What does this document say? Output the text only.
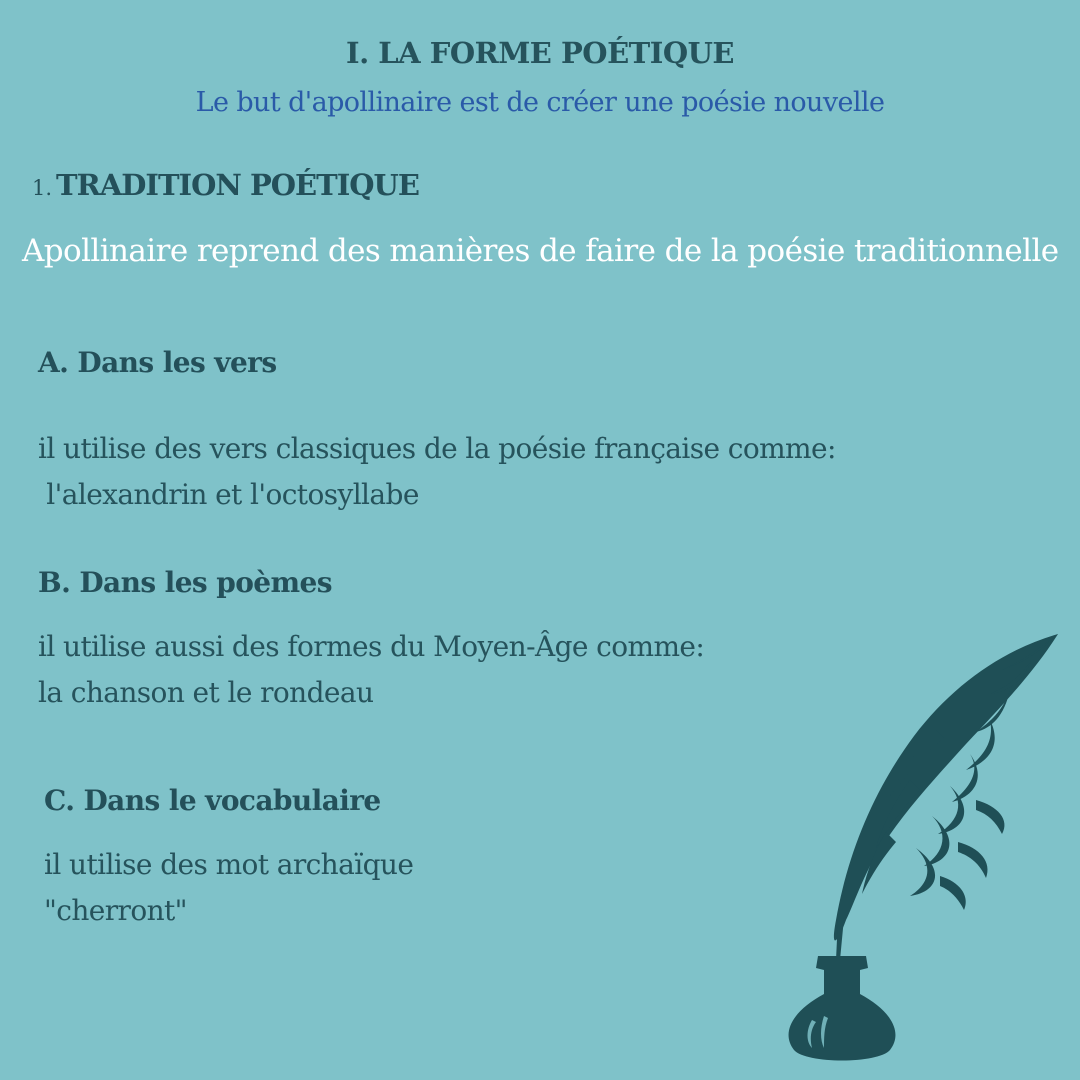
I. LA FORME POÉTIQUE

Le but d'apollinaire est de créer une poésie nouvelle

1. TRADITION POÉTIQUE

Apollinaire reprend des manières de faire de la poésie traditionnelle

A. Dans les vers
il utilise des vers classiques de la poésie française comme:
l'alexandrin et l'octosyllabe
B. Dans les poèmes
il utilise aussi des formes du Moyen-Âge comme:
la chanson et le rondeau
C. Dans le vocabulaire
il utilise des mot archaïque
"cherront"
